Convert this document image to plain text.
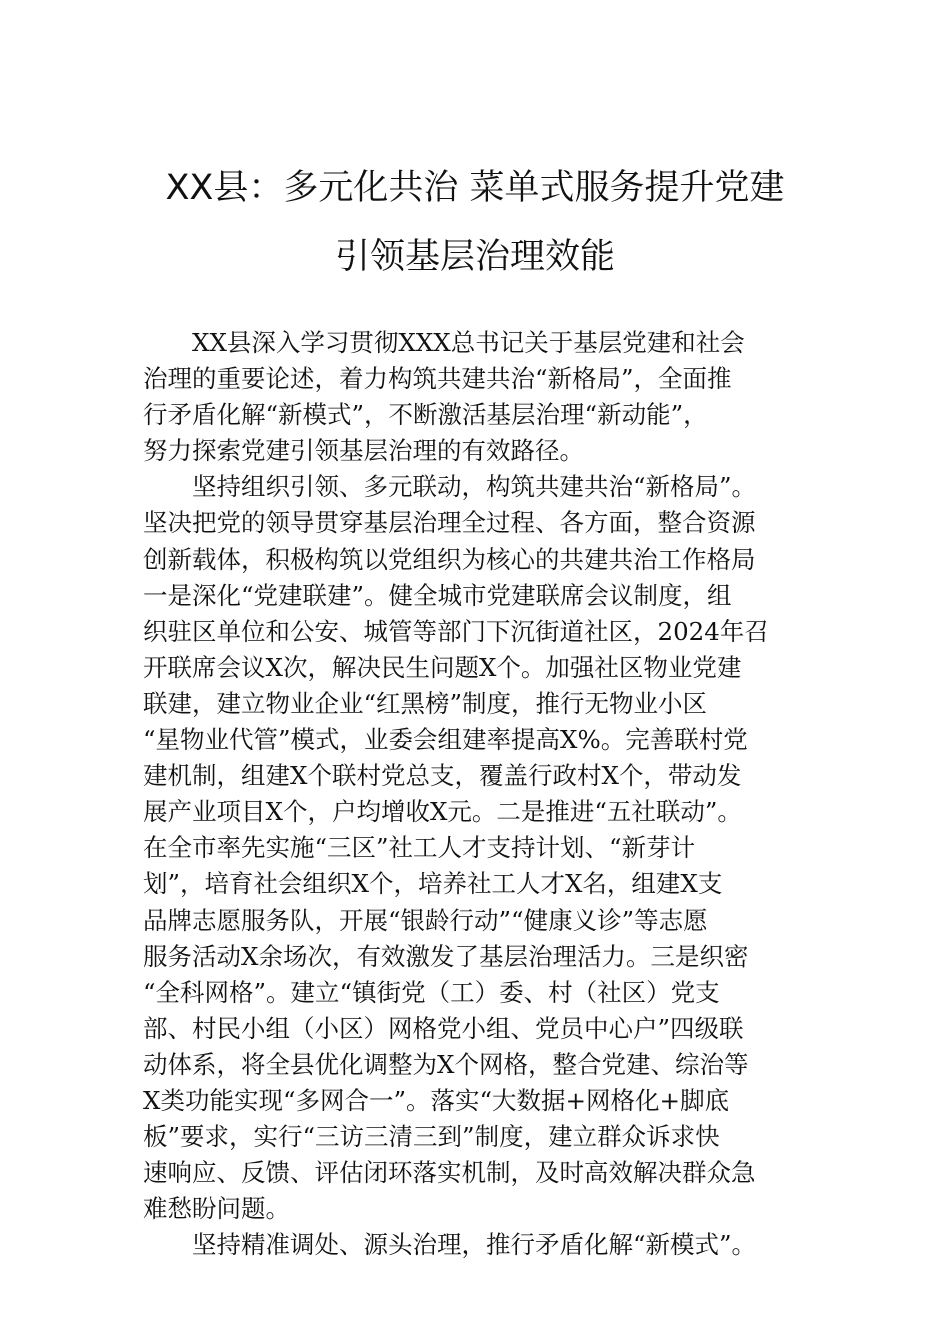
XX县：多元化共治 菜单式服务提升党建
引领基层治理效能
XX县深入学习贯彻XXX总书记关于基层党建和社会
治理的重要论述，着力构筑共建共治“新格局”，全面推
行矛盾化解“新模式”，不断激活基层治理“新动能”，
努力探索党建引领基层治理的有效路径。
坚持组织引领、多元联动，构筑共建共治“新格局”。
坚决把党的领导贯穿基层治理全过程、各方面，整合资源
创新载体，积极构筑以党组织为核心的共建共治工作格局
一是深化“党建联建”。健全城市党建联席会议制度，组
织驻区单位和公安、城管等部门下沉街道社区，2024年召
开联席会议X次，解决民生问题X个。加强社区物业党建
联建，建立物业企业“红黑榜”制度，推行无物业小区
“星物业代管”模式，业委会组建率提高X%。完善联村党
建机制，组建X个联村党总支，覆盖行政村X个，带动发
展产业项目X个，户均增收X元。二是推进“五社联动”。
在全市率先实施“三区”社工人才支持计划、“新芽计
划”，培育社会组织X个，培养社工人才X名，组建X支
品牌志愿服务队，开展“银龄行动”“健康义诊”等志愿
服务活动X余场次，有效激发了基层治理活力。三是织密
“全科网格”。建立“镇街党（工）委、村（社区）党支
部、村民小组（小区）网格党小组、党员中心户”四级联
动体系，将全县优化调整为X个网格，整合党建、综治等
X类功能实现“多网合一”。落实“大数据+网格化+脚底
板”要求，实行“三访三清三到”制度，建立群众诉求快
速响应、反馈、评估闭环落实机制，及时高效解决群众急
难愁盼问题。
坚持精准调处、源头治理，推行矛盾化解“新模式”。
